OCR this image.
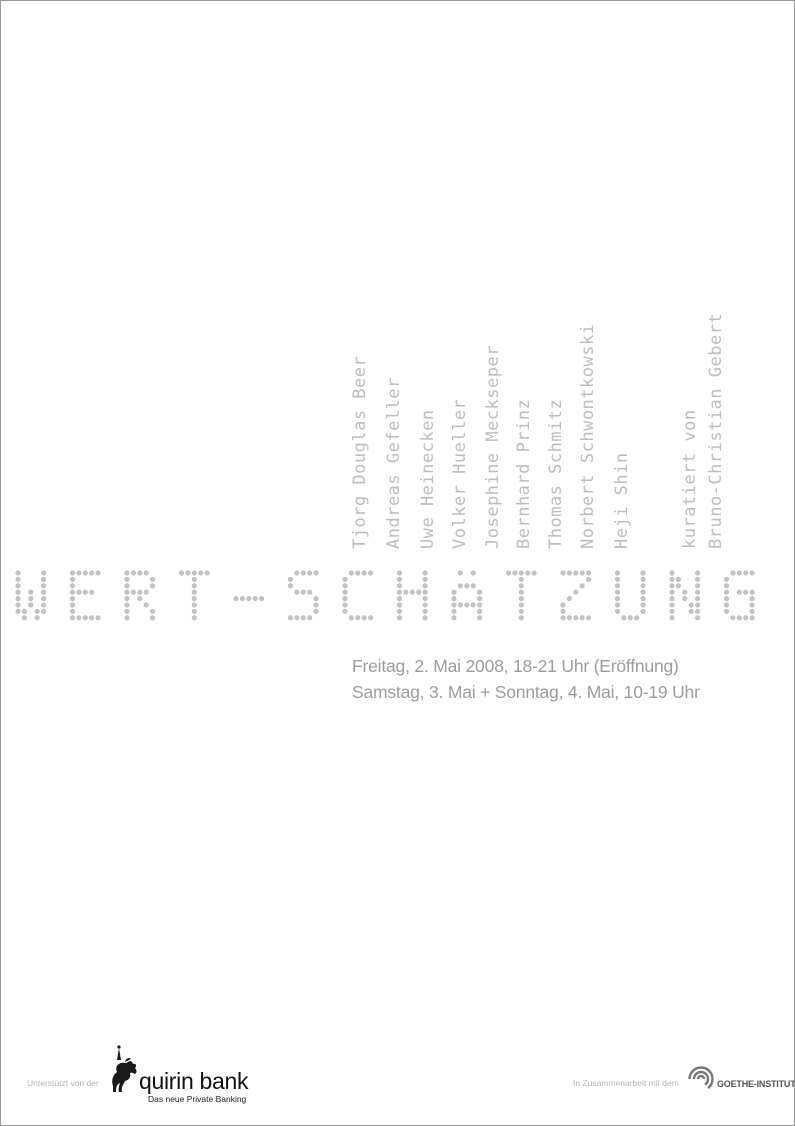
Tjorg Douglas Beer Andreas Gefeller Uwe Heinecken Volker Hueller Josephine Meckseper Bernhard Prinz Thomas Schmitz Norbert Schwontkowski Heji Shin	kuratiert von Bruno-Christian Gebert
Freitag, 2. Mai 2008, 18-21 Uhr (Eröffnung)
Samstag, 3. Mai + Sonntag, 4. Mai, 10-19 Uhr
Unterstützt von der quirin bank
Das neue Private Banking
In Zusammenarbeit mit dem	GOETHE-INSTITUT
